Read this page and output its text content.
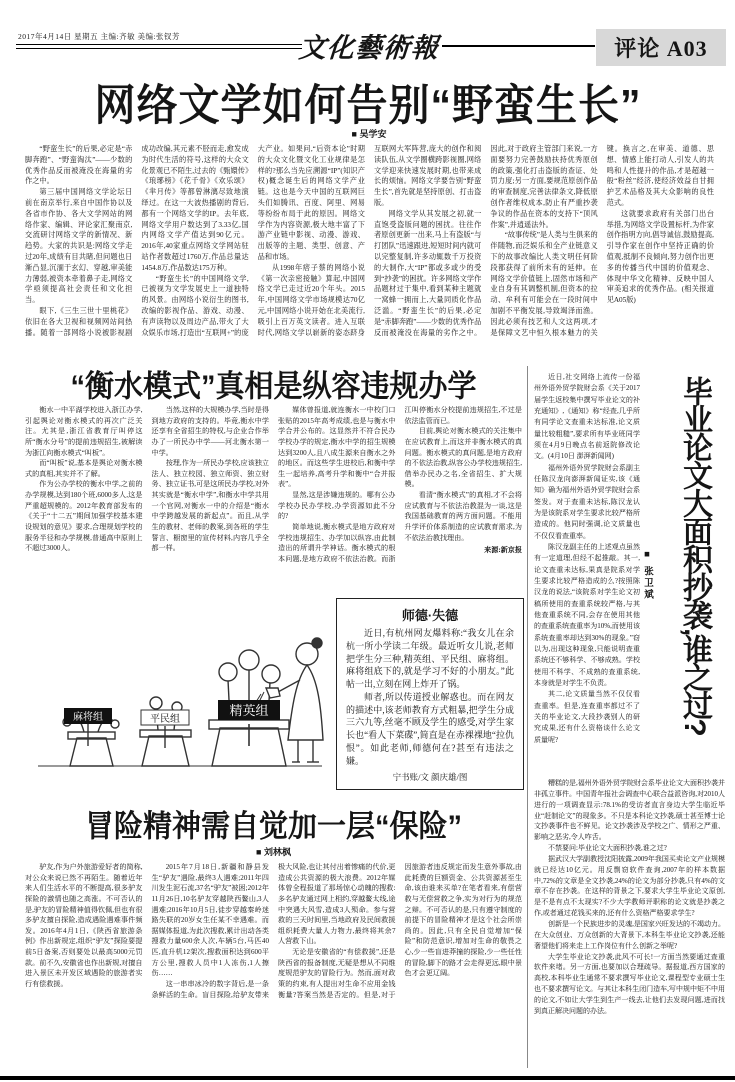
2017年4月14日 星期五 主编:齐敏 美编:张钗芳	文化藝術報	评论 A03
网络文学如何告别“野蛮生长”
■ 吴学安

“野蛮生长”的后果,必定是“赤脚奔跑”、“野蛮淘汰”——少数的优秀作品反而被淹没在海量的劣作之中。

第三届中国网络文学论坛日前在南京举行,来自中国作协以及各省市作协、各大文学网站的网络作家、编辑、评论家汇聚南京,交流研讨网络文学的新情况、新趋势。大家的共识是:网络文学走过20年,成绩有目共睹,但问题也日渐凸显,沉湎于玄幻、穿越,审美能力薄弱,被资本牵着鼻子走,网络文学亟须提高社会责任和文化担当。

眼下,《三生三世十里桃花》依旧在各大卫视和视频网站间热播。随着一部网络小说被影视剧成功改编,其元素不胫而走,愈发成为时代生活的符号,这样的大众文化景观已不陌生,过去的《甄嬛传》《琅琊榜》《花千骨》《欢乐颂》《芈月传》等都曾淋漓尽致地演绎过。在这一大波热播剧的背后,都有一个网络文学的IP。去年底,网络文学用户数达到了3.33亿,国内网络文学产值达到90亿元。2016年,40家重点网络文学网站驻站作者数超过1760万,作品总量达1454.8万,作品数达175万种。

“野蛮生长”的中国网络文学,已被视为文学发展史上一道独特的风景。由网络小说衍生的图书,改编的影视作品、游戏、动漫、有声读物以及周边产品,带火了大众娱乐市场,打造出“互联网+”的庞大产业。如果问,“后资本论”时期的大众文化暨文化工业规律是怎样的?那么当先应溯源“IP”(知识产权)概念诞生后的网络文学产业链。这也是今天中国的互联网巨头们如腾讯、百度、阿里、网易等纷纷布局于此的原因。网络文学作为内容资源,极大地丰富了下游产业链中影视、动漫、游戏、出版等的主题、类型、创意、产品和市场。

从1998年痞子蔡的网络小说《第一次亲密接触》算起,中国网络文学已走过近20个年头。2015年,中国网络文学市场规模达70亿元,中国网络小说开始在北美流行,吸引上百万英文读者。进入互联时代,网络文学以崭新的姿态跻身互联网大军阵营,庞大的创作和阅读队伍,从文学圈横跨影视圈,网络文学迎来快速发展时期,也带来成长的烦恼。网络文学要告别“野蛮生长”,首先就是坚持原创、打击盗版。

网络文学从其发展之初,就一直饱受盗版问题的困扰。往往作者原创更新一出来,马上有盗版“与打团队”迅速跟进,短短时间内就可以完整复制,许多动辄数千万投资的大制作,大“IP”都或多或少的受到“抄袭”的困扰。许多网络文学作品题材过于集中,看到某种主题就一窝蜂一拥而上,大量同质化作品泛滥。“野蛮生长”的后果,必定是“赤脚奔跑”——少数的优秀作品反而被淹没在海量的劣作之中。因此,对于政府主管部门来说,一方面要努力完善鼓励扶持优秀原创的政策,强化打击盗版的查证、处罚力度;另一方面,要规范原创作品的审查制度,完善法律条文,降低原创作者维权成本,防止有严重抄袭争议的作品在资本的支持下“顶风作案”,并逍遥法外。

“故事传统”是人类与生俱来的伴随物,而泛娱乐和全产业链意义下的故事改编比人类文明任何阶段都获得了前所未有的延伸。在网络文学价值链上,固然市场和产业自身有其调整机制,但资本的拉动、牟利有可能会在一段时间中加剧不平衡发展,导致竭泽而渔。因此必须有技艺和人文这两项,才是保障文艺中恒久根本魅力的关键。换言之,在审美、道德、思想、情感上能打动人,引发人的共鸣和人性提升的作品,才是超越一般“粉丝”经济,使经济效益自甘拥护艺术品格及其大众影响的良性范式。

这就要求政府有关部门出台举措,为网络文学设置标杆,为作家创作指明方向,倡导诚信,鼓励提高,引导作家在创作中坚持正确的价值观,抵制不良倾向,努力创作出更多的传播当代中国的价值观念、体现中华文化精神、反映中国人审美追求的优秀作品。(相关报道见A05版)

“衡水模式”真相是纵容违规办学

衡水一中平湖学校进入浙江办学,引起舆论对衡水模式的再次广泛关注。尤其是,浙江省教育厅叫停这所“衡水分号”的提前违规招生,被解读为浙江向衡水模式“叫板”。

而“叫板”说,基本是舆论对衡水模式的真相,其实并不了解。

作为公办学校的衡水中学,之前的办学规模,达到180个班,6000多人,这是严重超规模的。2012年教育部发布的《关于“十二五”期间加强学校基本建设规划的意见》要求,合理规划学校的服务半径和办学规模,普通高中原则上不超过3000人。

当然,这样的大规模办学,当时是得到地方政府的支持的。毕竟,衡水中学还享有全省招生的特权,与企业合作举办了一所民办中学——河北衡水第一中学。

按理,作为一所民办学校,应该独立法人、独立校园、独立师资、独立财务、独立证书,可是这所民办学校,对外其实就是“衡水中学”,和衡水中学共用一个官网,对衡水一中的介绍是“衡水中学跨越发展的新起点”。而且,从学生的教材、老师的教案,到各班的学生誓言、橱窗里的宣传材料,内容几乎全都一样。

媒体曾报道,就连衡水一中校门口张贴的2015年高考成绩,也是与衡水中学合并公布的。这显然并不符合民办学校办学的规定,衡水中学的招生规模达到3200人,且八成生源来自衡水之外的地区。而这些学生进校后,和衡中学生一起培养,高考升学和衡中“合并报表”。

显然,这是涉嫌违规的。哪有公办学校办民办学校,办学资源如此不分的?

简单地说,衡水模式是地方政府对学校违规招生、办学加以纵容,由此制造出的所谓升学神话。衡水模式的根本问题,是地方政府不依法治教。而浙江叫停衡水分校提前违规招生,不过是依法监管而已。

目前,舆论对衡水模式的关注集中在应试教育上,而这并非衡水模式的真问题。衡水模式的真问题,是地方政府的不依法治教,纵容公办学校违规招生,借举办民办之名,全省招生、扩大规模。

看清“衡水模式”的真相,才不会将应试教育与不依法治教混为一谈,这是我国基础教育的两方面问题。不能用升学评价体系制造的应试教育需求,为不依法治教找理由。

来源:新京报

麻将组	平民组
精英组
师德·失德

近日,有杭州网友爆料称:“我女儿在余杭一所小学读二年级。最近听女儿说,老师把学生分三种,精英组、平民组、麻将组。麻将组底下的,就是学习不好的小朋友。”此帖一出,立刻在网上炸开了锅。

师者,所以传道授业解惑也。而在网友的描述中,该老师教育方式粗暴,把学生分成三六九等,丝毫不顾及学生的感受,对学生家长也“看人下菜碟”,简直是在赤裸裸地“拉仇恨”。如此老师,师德何在?甚至有违法之嫌。

宁书账/文 颜庆雄/图
冒险精神需自觉加一层“保险”
■ 刘林枫

驴友,作为户外旅游爱好者的简称,对公众来说已然不再陌生。随着近年来人们生活水平的不断提高,很多驴友探险的激情也随之高涨。不可否认的是,驴友的冒险精神值得钦佩,但也有很多驴友擅自探险,造成遇险遇难事件频发。2016年4月1日,《陕西省旅游条例》作出新规定,组织“驴友”探险要提前5日备案,否则要处以最高5000元罚款。前不久,安徽省也作出新规,对擅自进入景区未开发区域遇险的旅游者实行有偿救援。

2015年7月18日,新疆和静县发生“驴友”遇险,最终3人遇难;2011年四川发生泥石流,37名“驴友”被困;2012年11月26日,10名驴友穿越陕西鳌山,3人遇难;2016年10月5日,徒步穿越秦岭迷路失联的20岁女生任某不幸遇难。而据媒体报道,为此次搜救,累计出动各类搜救力量600余人次,车辆5台,马匹40匹,直升机12架次,搜救面积达到600平方公里,搜救人员中1人冻伤,1人擦伤……

这一串串冰冷的数字背后,是一条条鲜活的生命。盲目探险,给驴友带来极大风险,也让其付出着惨痛的代价,更造成公共资源的极大浪费。2012年媒体曾全程报道了那场惊心动魄的搜救:多名驴友通过网上相约,穿越鳌太线,途中突遇大风雪,造成3人殒命。参与营救的三天时间里,当地政府及民间救援组织耗费大量人力物力,最终将其余7人营救下山。

无论是安徽省的“有偿救援”,还是陕西省的报备制度,无疑是想从不同维度规范驴友的冒险行为。然而,面对政策的约束,有人提出对生命不应用金钱衡量?答案当然是否定的。但是,对于因旅游者违反规定而发生意外事故,由此耗费的巨额资金、公共资源甚至生命,该由谁来买单?在笔者看来,有偿营救与无偿营救之争,实为对行为的规范之辩。不可否认的是,只有遵守制度的前提下的冒险精神才是这个社会所崇尚的。因此,只有全民自觉增加“保险”和防范意识,增加对生命的敬畏之心,少一些盲进莽撞的探险,少一些任性的冒险,脚下的路才会走得更远,眼中景色才会更辽阔。

近日,社交网络上流传一份福州外语外贸学院财会系《关于2017届学生返校集中撰写毕业论文的补充通知》,《通知》称“经查,几乎所有同学论文查重未达标准,论文质量比较粗糙”,要求所有毕业班同学须在4月9日晚点名前返院修改论文。(4月10日 澎湃新闻网)

福州外语外贸学院财会系副主任陈汉龙向澎湃新闻证实,该《通知》确为福州外语外贸学院财会系签发。对于查重未达标,陈汉龙认为是该院系对学生要求比较严格所造成的。他同时强调,论文质量也不仅仅看查重率。

陈汉龙副主任的上述观点虽然有一定道理,但经不起推敲。其一,论文查重未达标,果真是院系对学生要求比较严格造成的么?按照陈汉龙的说法,“该院系对学生论文初稿所使用的查重系统较严格,与其他查重系统不同,会存在使用其他的查重系统查重率为10%,而使用该系统查重率却达到30%的现象。”窃以为,出现这种现象,只能说明查重系统还不够科学、不够成熟。学校使用不科学、不成熟的查重系统,本身就是对学生不负责。

其二,论文质量当然不仅仅看查重率。但是,连查重率都过不了关的毕业论文,大段抄袭别人的研究成果,还有什么资格谈什么论文质量呢?

■ 张卫斌 毕业论文大面积抄袭,谁之过?

糟糕的是,福州外语外贸学院财会系毕业论文大面积抄袭并非孤立事件。中国青年报社会调查中心联合益派咨询,对2010人进行的一项调查显示:78.1%的受访者直言身边大学生临近毕业“赶制论文”的现象多。不只是本科论文抄袭,硕士甚至博士论文抄袭事件也不鲜见。论文抄袭涉及学校之广、情形之严重、影响之恶劣,令人咋舌。

不禁要问:毕业论文大面积抄袭,谁之过?

据武汉大学副教授沈阳披露,2009年我国买卖论文产业规模就已经达10亿元。用反剽窃软件查询,2007年的样本数据中,72%的文章是全文抄袭,24%的论文为部分抄袭,只有4%的文章不存在抄袭。在这样的背景之下,要求大学生毕业论文原创,是不是有点不太现实?不少大学教师评职称的论文就是抄袭之作,或者通过花钱买来的,还有什么资格严格要求学生?

创新是一个民族进步的灵魂,是国家兴旺发达的不竭动力。在大众创业、万众创新的大背景下,本科生毕业论文抄袭,还能奢望他们将来走上工作岗位有什么创新之举呢?

大学生毕业论文抄袭,此风不可长!一方面当然要通过查重软件来堵。另一方面,也要加以合理疏导。据报道,西方国家的高校,本科毕业生通常不要求撰写毕业论文,课程型专业硕士生也不要求撰写论文。与其让本科生闭门造车,写中规中矩不中用的论文,不如让大学生到生产一线去,让他们去发现问题,进而找到真正解决问题的办法。
